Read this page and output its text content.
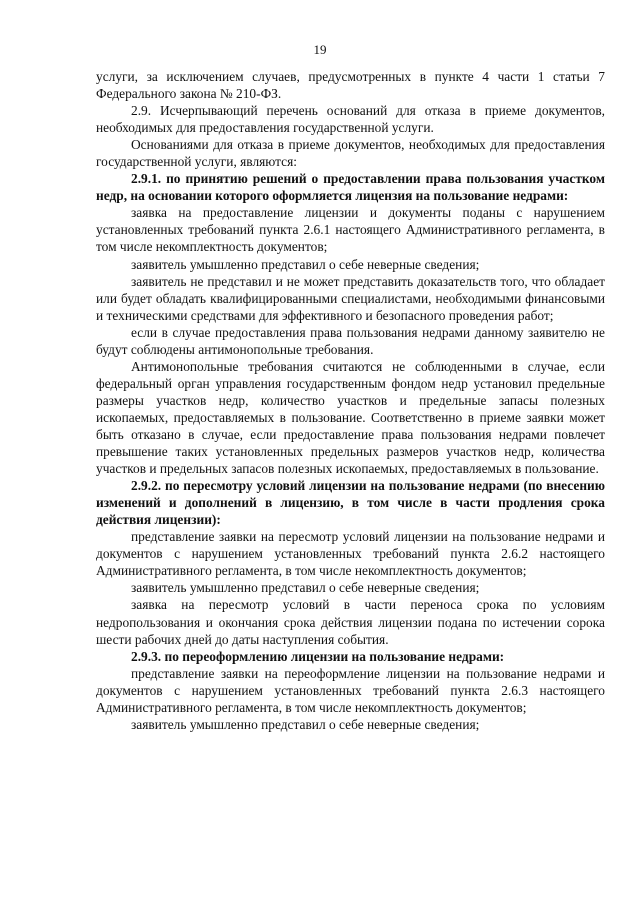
19

услуги, за исключением случаев, предусмотренных в пункте 4 части 1 статьи 7 Федерального закона № 210-ФЗ.

2.9. Исчерпывающий перечень оснований для отказа в приеме документов, необходимых для предоставления государственной услуги.

Основаниями для отказа в приеме документов, необходимых для предоставления государственной услуги, являются:

2.9.1. по принятию решений о предоставлении права пользования участком недр, на основании которого оформляется лицензия на пользование недрами:

заявка на предоставление лицензии и документы поданы с нарушением установленных требований пункта 2.6.1 настоящего Административного регламента, в том числе некомплектность документов;

заявитель умышленно представил о себе неверные сведения;

заявитель не представил и не может представить доказательств того, что обладает или будет обладать квалифицированными специалистами, необходимыми финансовыми и техническими средствами для эффективного и безопасного проведения работ;

если в случае предоставления права пользования недрами данному заявителю не будут соблюдены антимонопольные требования.

Антимонопольные требования считаются не соблюденными в случае, если федеральный орган управления государственным фондом недр установил предельные размеры участков недр, количество участков и предельные запасы полезных ископаемых, предоставляемых в пользование. Соответственно в приеме заявки может быть отказано в случае, если предоставление права пользования недрами повлечет превышение таких установленных предельных размеров участков недр, количества участков и предельных запасов полезных ископаемых, предоставляемых в пользование.

2.9.2. по пересмотру условий лицензии на пользование недрами (по внесению изменений и дополнений в лицензию, в том числе в части продления срока действия лицензии):

представление заявки на пересмотр условий лицензии на пользование недрами и документов с нарушением установленных требований пункта 2.6.2 настоящего Административного регламента, в том числе некомплектность документов;

заявитель умышленно представил о себе неверные сведения;

заявка на пересмотр условий в части переноса срока по условиям недропользования и окончания срока действия лицензии подана по истечении сорока шести рабочих дней до даты наступления события.

2.9.3. по переоформлению лицензии на пользование недрами:

представление заявки на переоформление лицензии на пользование недрами и документов с нарушением установленных требований пункта 2.6.3 настоящего Административного регламента, в том числе некомплектность документов;

заявитель умышленно представил о себе неверные сведения;
